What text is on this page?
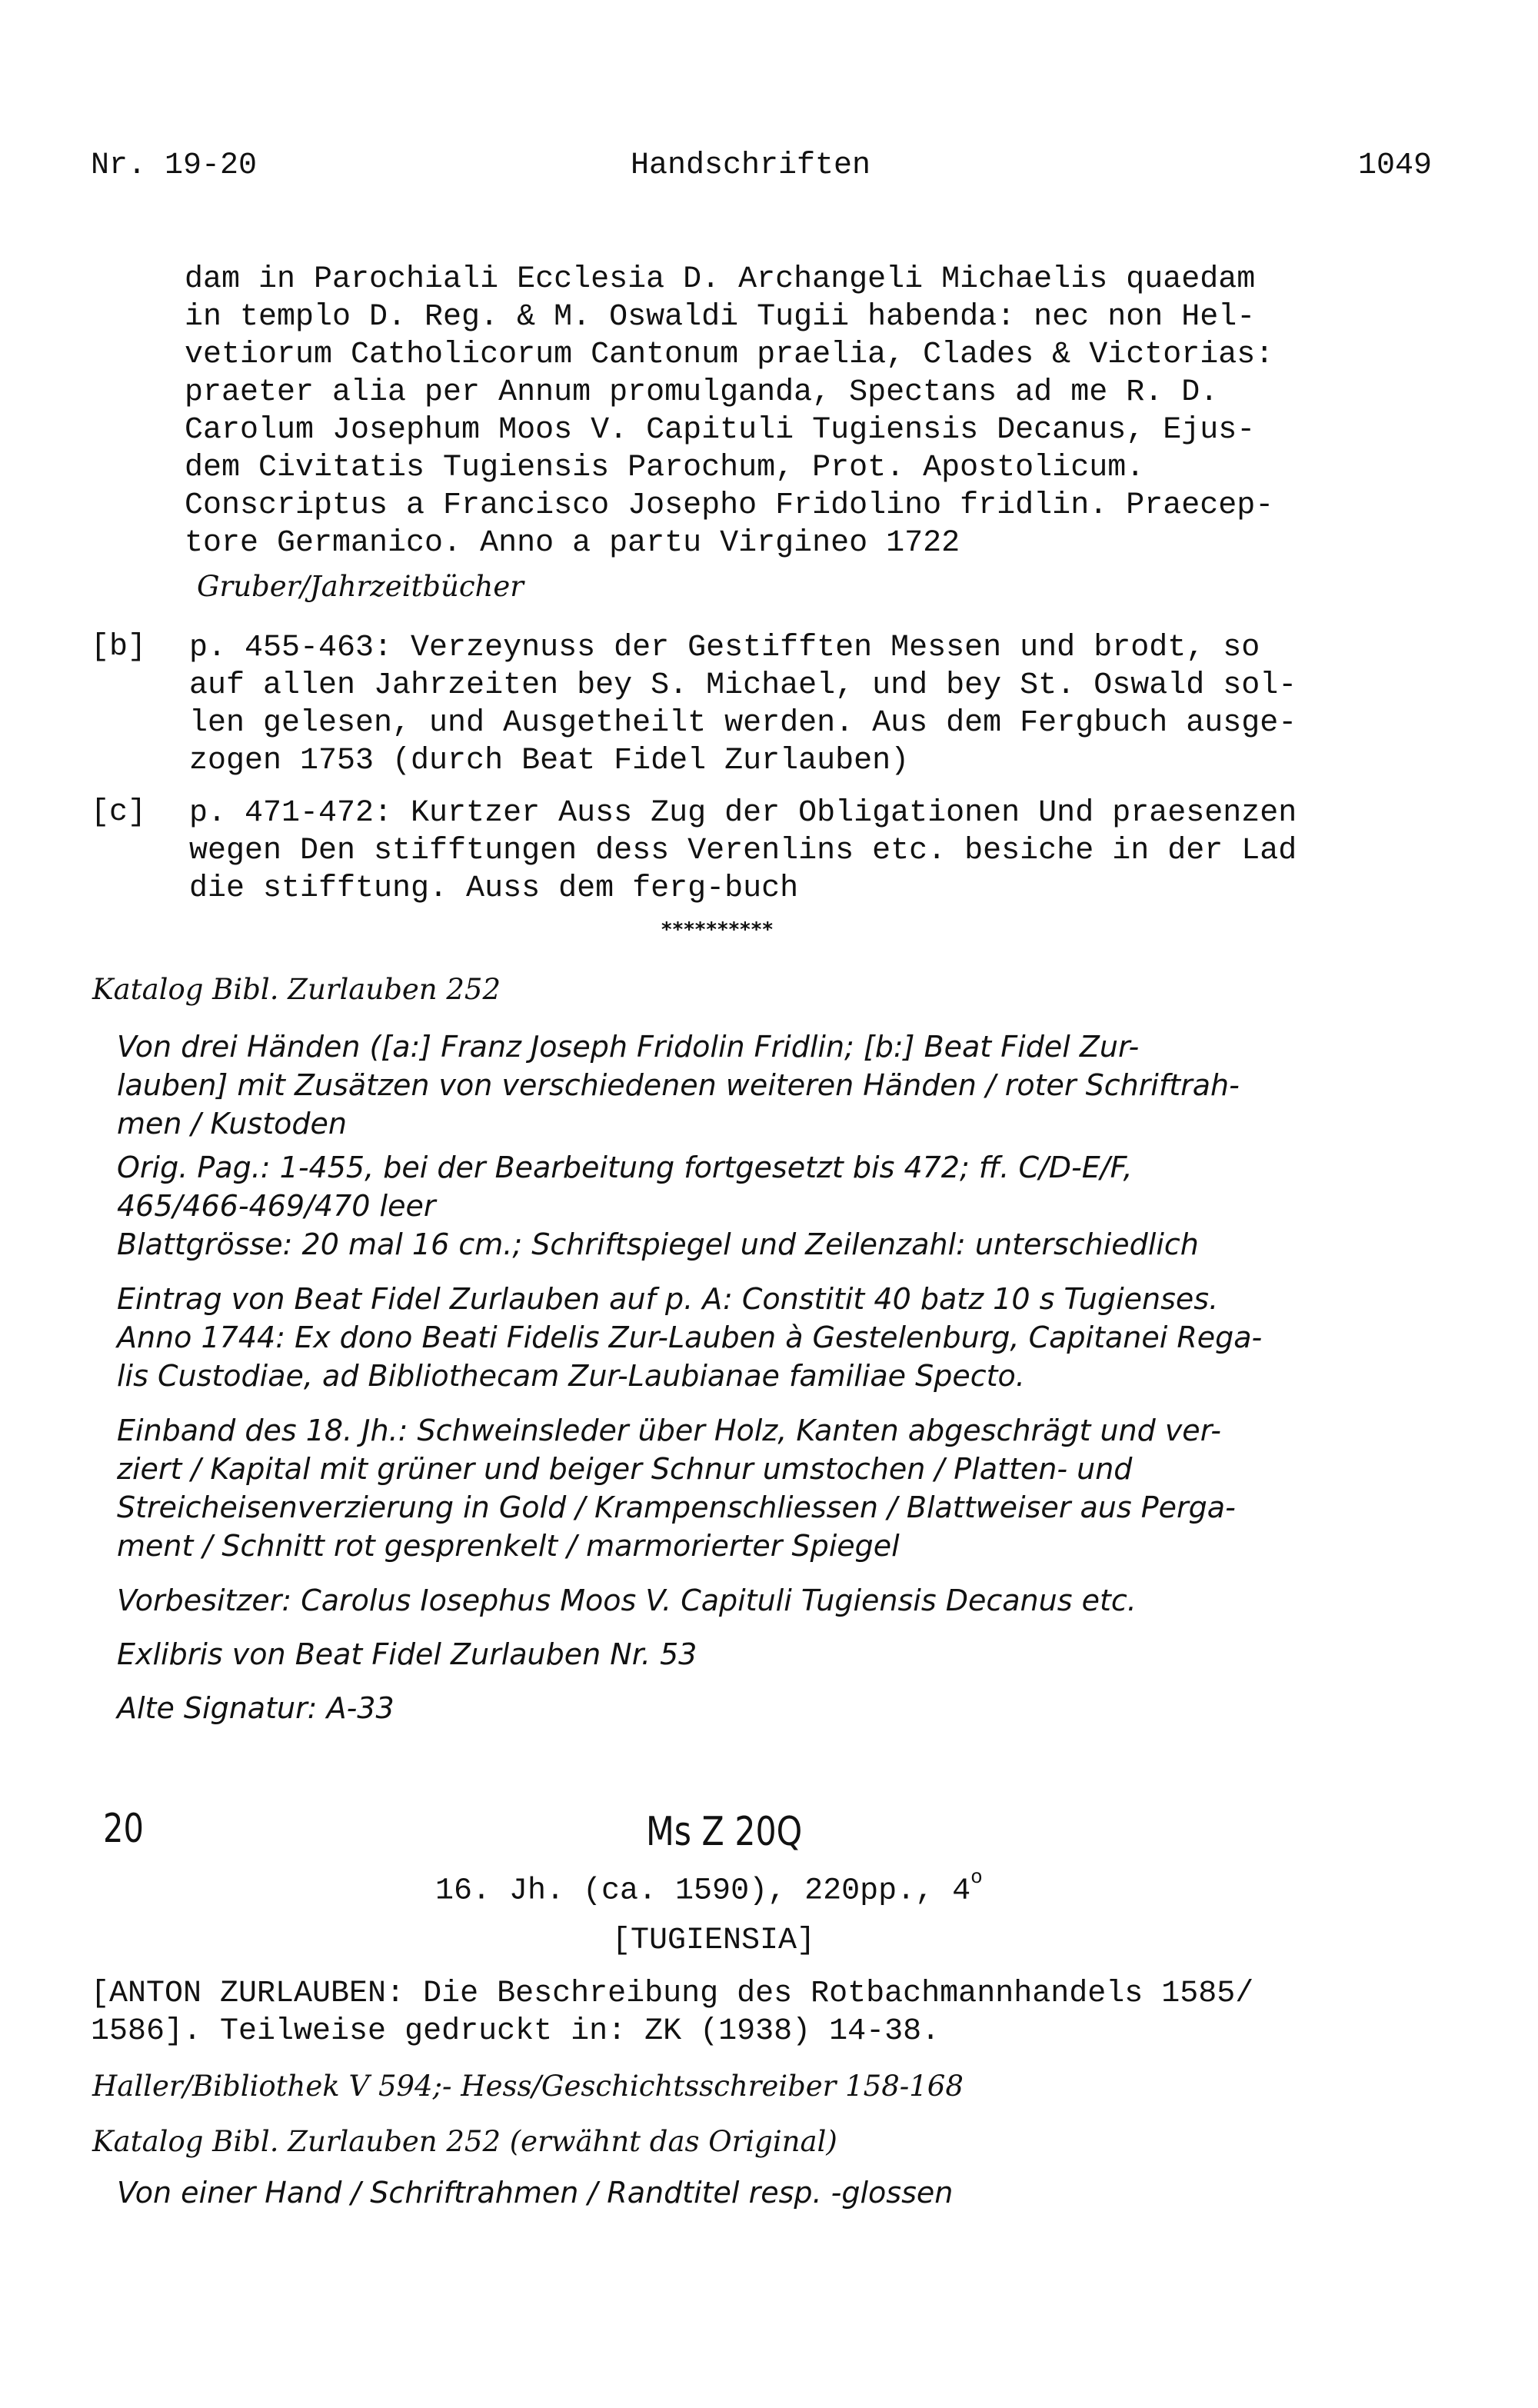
Nr. 19-20	Handschriften	1049
dam in Parochiali Ecclesia D. Archangeli Michaelis quaedam
in templo D. Reg. & M. Oswaldi Tugii habenda: nec non Hel-
vetiorum Catholicorum Cantonum praelia, Clades & Victorias:
praeter alia per Annum promulganda, Spectans ad me R. D.
Carolum Josephum Moos V. Capituli Tugiensis Decanus, Ejus-
dem Civitatis Tugiensis Parochum, Prot. Apostolicum.
Conscriptus a Francisco Josepho Fridolino fridlin. Praecep-
tore Germanico. Anno a partu Virgineo 1722
Gruber/Jahrzeitbücher
[b] p. 455-463: Verzeynuss der Gestifften Messen und brodt, so
auf allen Jahrzeiten bey S. Michael, und bey St. Oswald sol-
len gelesen, und Ausgetheilt werden. Aus dem Fergbuch ausge-
zogen 1753 (durch Beat Fidel Zurlauben)
[c] p. 471-472: Kurtzer Auss Zug der Obligationen Und praesenzen
wegen Den stifftungen dess Verenlins etc. besiche in der Lad
die stifftung. Auss dem ferg-buch
**********
Katalog Bibl. Zurlauben 252
Von drei Händen ([a:] Franz Joseph Fridolin Fridlin; [b:] Beat Fidel Zur-
lauben] mit Zusätzen von verschiedenen weiteren Händen / roter Schriftrah-
men / Kustoden
Orig. Pag.: 1-455, bei der Bearbeitung fortgesetzt bis 472; ff. C/D-E/F,
465/466-469/470 leer
Blattgrösse: 20 mal 16 cm.; Schriftspiegel und Zeilenzahl: unterschiedlich
Eintrag von Beat Fidel Zurlauben auf p. A: Constitit 40 batz 10 s Tugienses.
Anno 1744: Ex dono Beati Fidelis Zur-Lauben à Gestelenburg, Capitanei Rega-
lis Custodiae, ad Bibliothecam Zur-Laubianae familiae Specto.
Einband des 18. Jh.: Schweinsleder über Holz, Kanten abgeschrägt und ver-
ziert / Kapital mit grüner und beiger Schnur umstochen / Platten- und
Streicheisenverzierung in Gold / Krampenschliessen / Blattweiser aus Perga-
ment / Schnitt rot gesprenkelt / marmorierter Spiegel
Vorbesitzer: Carolus Iosephus Moos V. Capituli Tugiensis Decanus etc.
Exlibris von Beat Fidel Zurlauben Nr. 53
Alte Signatur: A-33
20	Ms Z 20Q
16. Jh. (ca. 1590), 220pp., 4$^o$
[TUGIENSIA]
[ANTON ZURLAUBEN: Die Beschreibung des Rotbachmannhandels 1585/
1586]. Teilweise gedruckt in: ZK (1938) 14-38.
Haller/Bibliothek V 594;- Hess/Geschichtsschreiber 158-168
Katalog Bibl. Zurlauben 252 (erwähnt das Original)
Von einer Hand / Schriftrahmen / Randtitel resp. -glossen
